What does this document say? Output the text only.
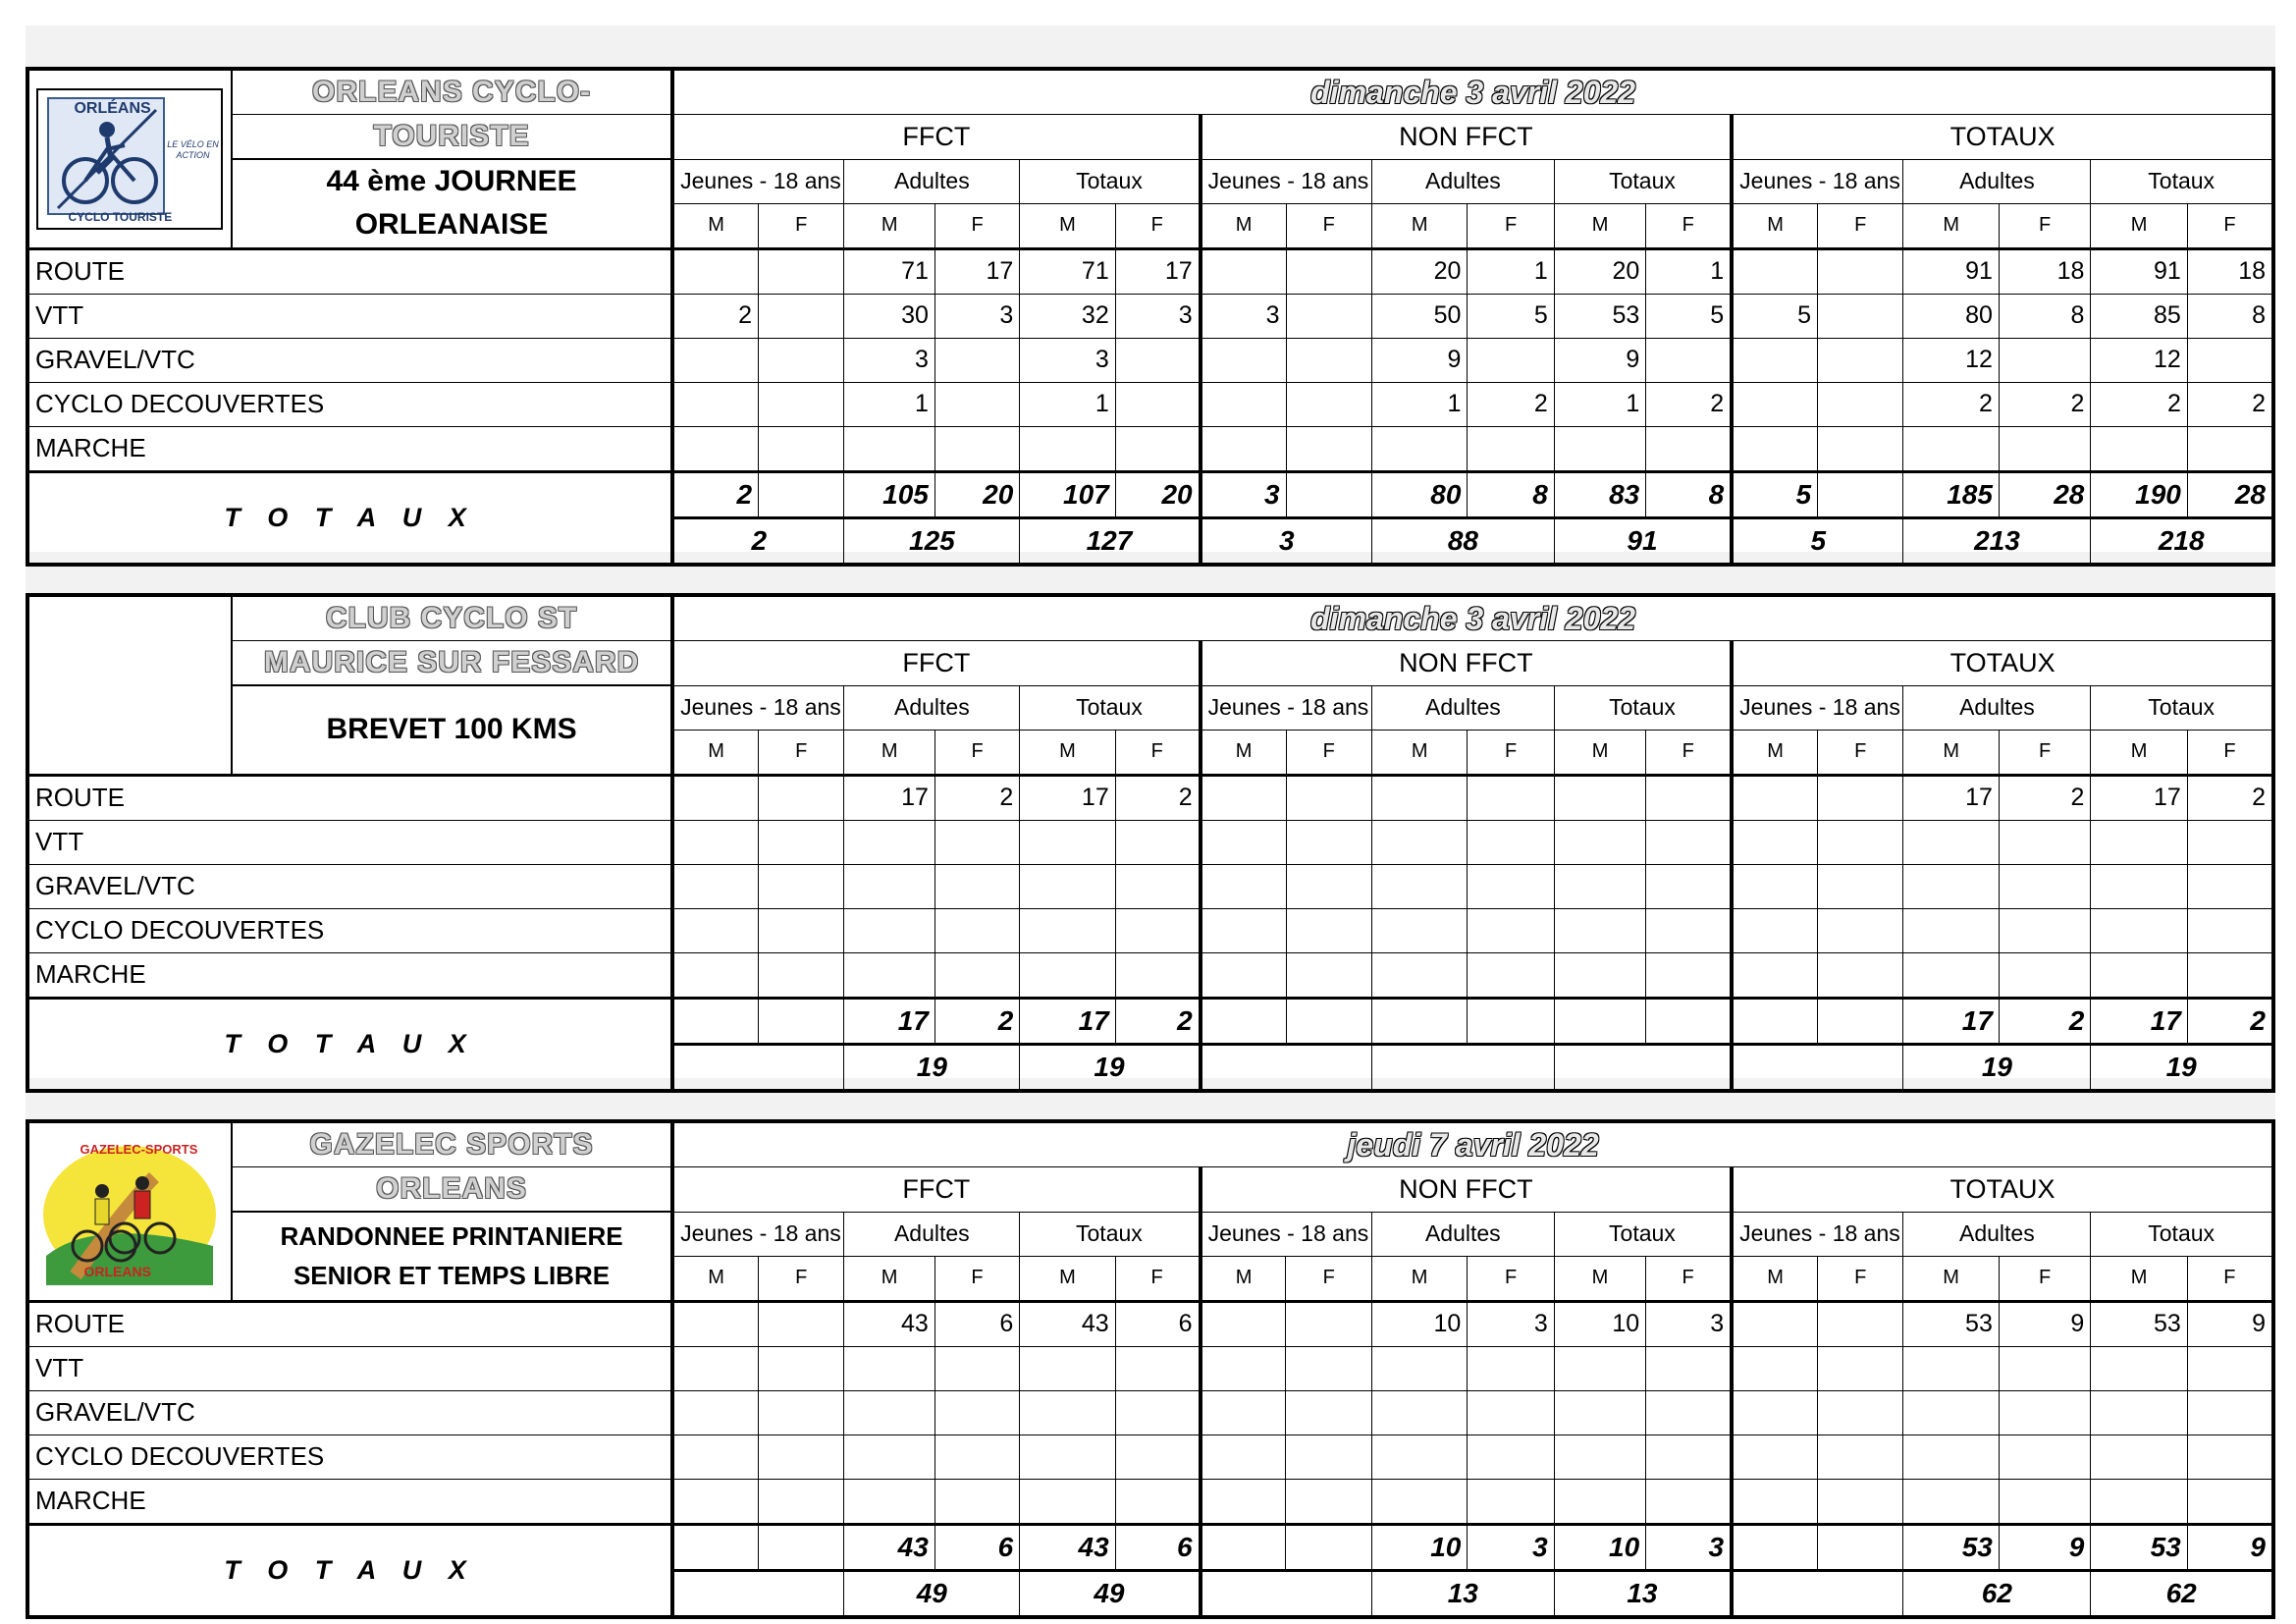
ORLÉANS
LE VÉLO EN ACTION
CYCLO TOURISTE	ORLEANS CYCLO-	dimanche 3 avril 2022																	
	TOURISTE	FFCT						NON FFCT						TOTAUX					

	44 ème JOURNEE
ORLEANAISE	Jeunes - 18 ans		Adultes		Totaux		Jeunes - 18 ans		Adultes		Totaux		Jeunes - 18 ans		Adultes		Totaux	
		M	F	M	F	M	F	M	F	M	F	M	F	M	F	M	F	M	F
ROUTE				71	17	71	17			20	1	20	1			91	18	91	18
VTT		2		30	3	32	3	3		50	5	53	5	5		80	8	85	8
GRAVEL/VTC				3		3				9		9				12		12	
CYCLO DECOUVERTES				1		1				1	2	1	2			2	2	2	2
MARCHE																			
T O T A U X		2		105	20	107	20	3		80	8	83	8	5		185	28	190	28
		2		125		127		3		88		91		5		213		218	
	CLUB CYCLO ST	dimanche 3 avril 2022																	
	MAURICE SUR FESSARD	FFCT						NON FFCT						TOTAUX					

	BREVET 100 KMS	Jeunes - 18 ans		Adultes		Totaux		Jeunes - 18 ans		Adultes		Totaux		Jeunes - 18 ans		Adultes		Totaux	
		M	F	M	F	M	F	M	F	M	F	M	F	M	F	M	F	M	F
ROUTE				17	2	17	2									17	2	17	2
VTT																			
GRAVEL/VTC																			
CYCLO DECOUVERTES																			
MARCHE																			
T O T A U X				17	2	17	2									17	2	17	2
				19		19										19		19	
GAZELEC-SPORTS
ORLEANS	GAZELEC SPORTS	jeudi 7 avril 2022																	
	ORLEANS	FFCT						NON FFCT						TOTAUX					

	RANDONNEE PRINTANIERE
SENIOR ET TEMPS LIBRE	Jeunes - 18 ans		Adultes		Totaux		Jeunes - 18 ans		Adultes		Totaux		Jeunes - 18 ans		Adultes		Totaux	
		M	F	M	F	M	F	M	F	M	F	M	F	M	F	M	F	M	F
ROUTE				43	6	43	6			10	3	10	3			53	9	53	9
VTT																			
GRAVEL/VTC																			
CYCLO DECOUVERTES																			
MARCHE																			
T O T A U X				43	6	43	6			10	3	10	3			53	9	53	9
				49		49				13		13				62		62	
